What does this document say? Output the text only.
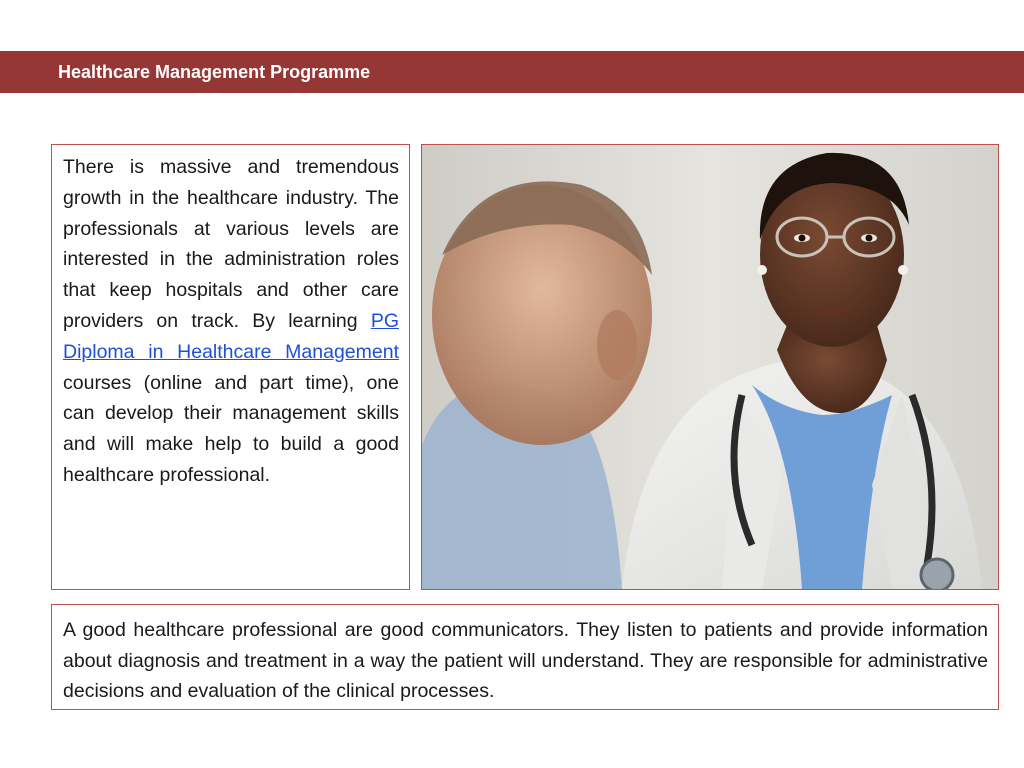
Healthcare Management Programme

There is massive and tremendous growth in the healthcare industry. The professionals at various levels are interested in the administration roles that keep hospitals and other care providers on track. By learning PG Diploma in Healthcare Management courses (online and part time), one can develop their management skills and will make help to build a good healthcare professional.

A good healthcare professional are good communicators. They listen to patients and provide information about diagnosis and treatment in a way the patient will understand. They are responsible for administrative decisions and evaluation of the clinical processes.
